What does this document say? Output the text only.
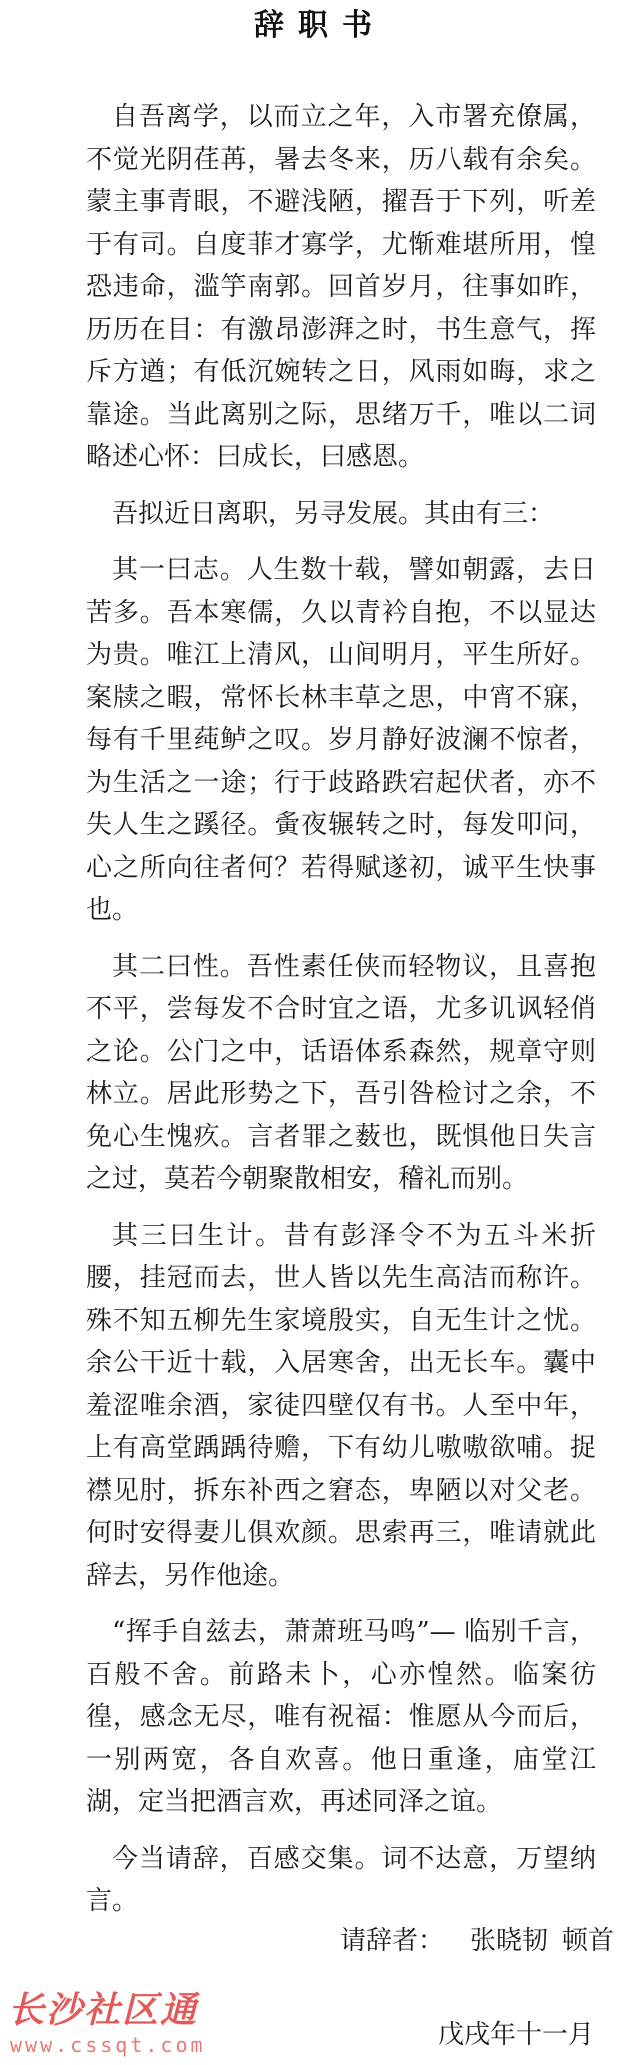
辞职书

自吾离学，以而立之年，入市署充僚属，不觉光阴荏苒，暑去冬来，历八载有余矣。蒙主事青眼，不避浅陋，擢吾于下列，听差于有司。自度菲才寡学，尤惭难堪所用，惶恐违命，滥竽南郭。回首岁月，往事如昨，历历在目：有激昂澎湃之时，书生意气，挥斥方遒；有低沉婉转之日，风雨如晦，求之靠途。当此离别之际，思绪万千，唯以二词略述心怀：曰成长，曰感恩。

吾拟近日离职，另寻发展。其由有三：

其一曰志。人生数十载，譬如朝露，去日苦多。吾本寒儒，久以青衿自抱，不以显达为贵。唯江上清风，山间明月，平生所好。案牍之暇，常怀长林丰草之思，中宵不寐，每有千里莼鲈之叹。岁月静好波澜不惊者，为生活之一途；行于歧路跌宕起伏者，亦不失人生之蹊径。夤夜辗转之时，每发叩问，心之所向往者何？若得赋遂初，诚平生快事也。

其二曰性。吾性素任侠而轻物议，且喜抱不平，尝每发不合时宜之语，尤多讥讽轻俏之论。公门之中，话语体系森然，规章守则林立。居此形势之下，吾引咎检讨之余，不免心生愧疚。言者罪之薮也，既惧他日失言之过，莫若今朝聚散相安，稽礼而别。

其三曰生计。昔有彭泽令不为五斗米折腰，挂冠而去，世人皆以先生高洁而称许。殊不知五柳先生家境殷实，自无生计之忧。余公干近十载，入居寒舍，出无长车。囊中羞涩唯余酒，家徒四壁仅有书。人至中年，上有高堂踽踽待赡，下有幼儿嗷嗷欲哺。捉襟见肘，拆东补西之窘态，卑陋以对父老。何时安得妻儿俱欢颜。思索再三，唯请就此辞去，另作他途。

“挥手自兹去，萧萧班马鸣”— 临别千言，百般不舍。前路未卜，心亦惶然。临案彷徨，感念无尽，唯有祝福：惟愿从今而后，一别两宽，各自欢喜。他日重逢，庙堂江湖，定当把酒言欢，再述同泽之谊。

今当请辞，百感交集。词不达意，万望纳言。

请辞者： 张晓韧 顿首
戊戌年十一月
长沙社区通
www.cssqt.com
